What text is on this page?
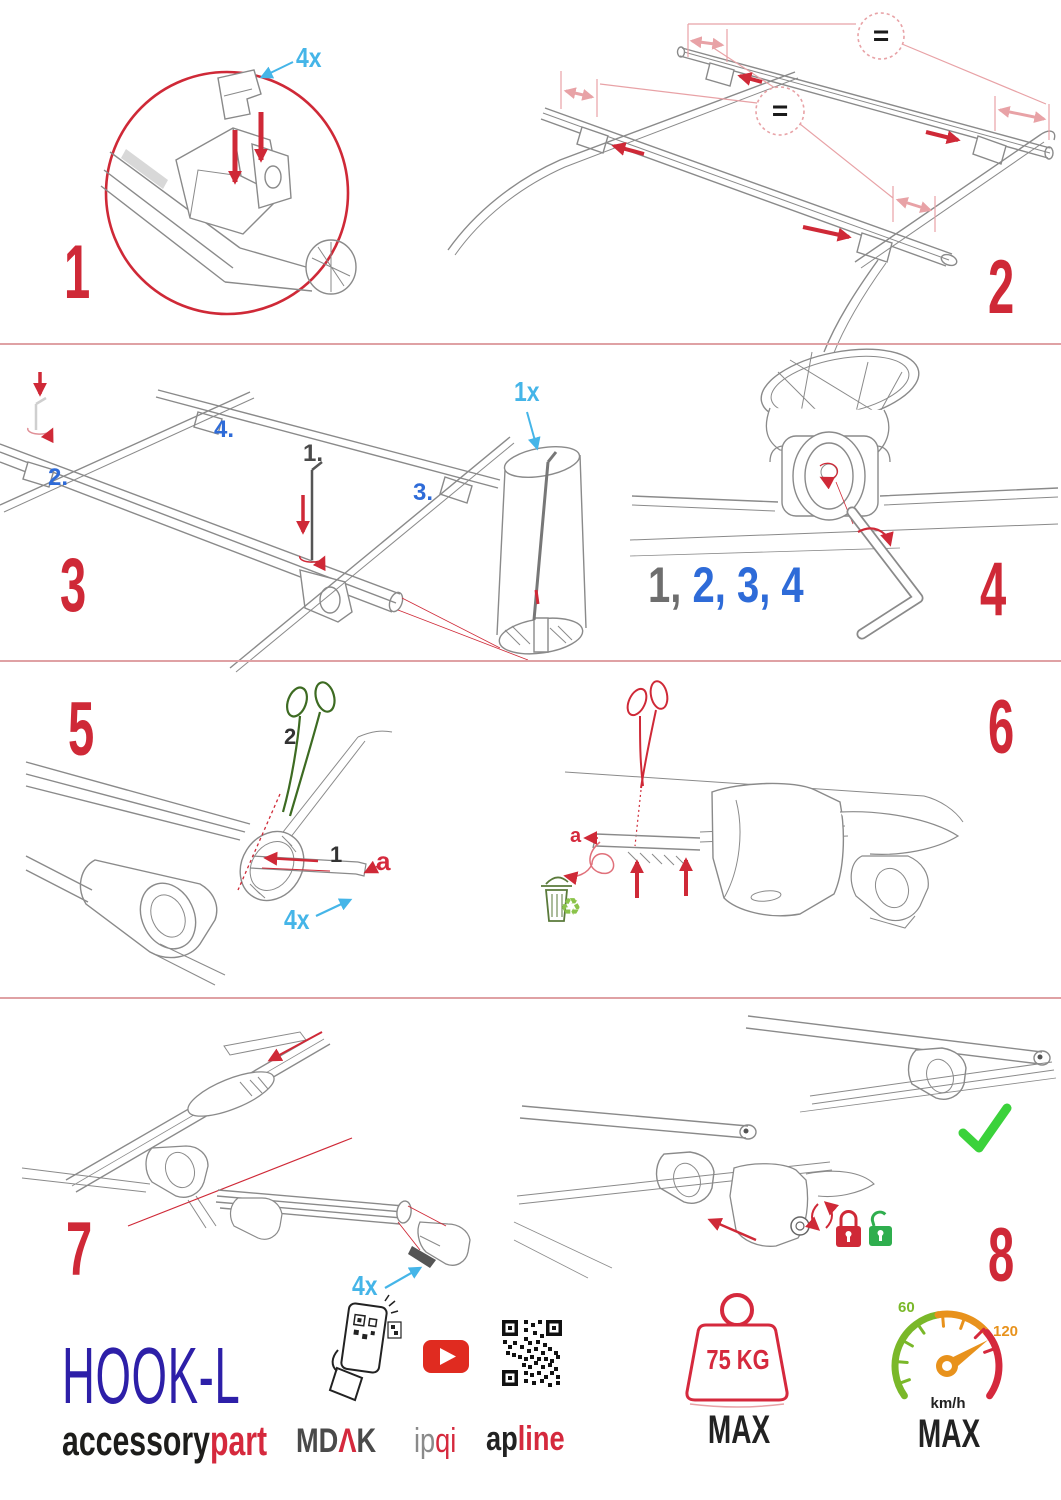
1	2
3	4
5	6
7	8
4x
=
=
2.
4.
1.
3.
1x
1, 2, 3, 4
2
1 a
4x
a
♻
4x
HOOK-L
accessorypart MDΛK ipqi apline
75 KG
MAX
60
120
km/h
MAX
